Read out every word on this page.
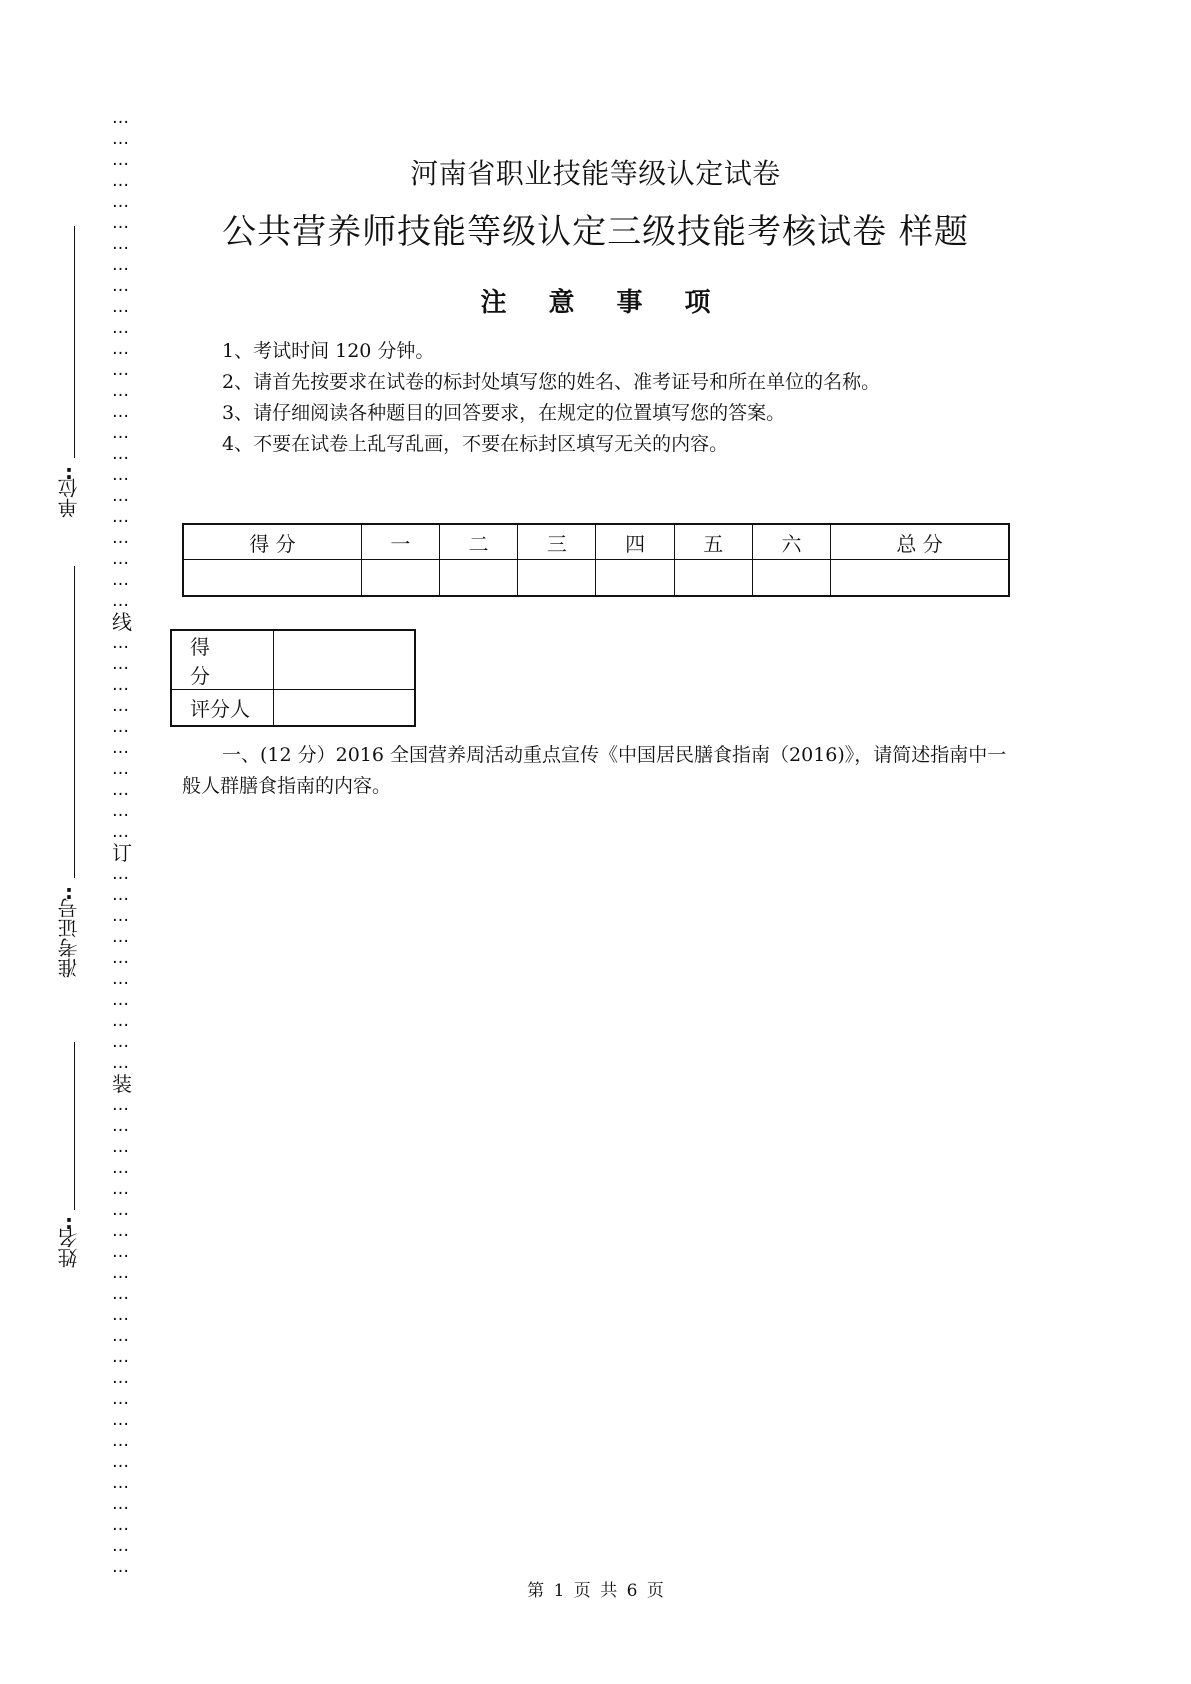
…
…
…
…
…
…
…
…
…
…
…
…
…
…
…
…
…
…
…
…
…
…
…
…
线
…
…
…
…
…
…
…
…
…
…
订
…
…
…
…
…
…
…
…
…
…
装
…
…
…
…
…
…
…
…
…
…
…
…
…
…
…
…
…
…
…
…
…
…
…
:
单位
:
准考证号
:
姓名
河南省职业技能等级认定试卷
公共营养师技能等级认定三级技能考核试卷 样题
注意事项
1、考试时间 120 分钟。
2、请首先按要求在试卷的标封处填写您的姓名、准考证号和所在单位的名称。
3、请仔细阅读各种题目的回答要求，在规定的位置填写您的答案。
4、不要在试卷上乱写乱画，不要在标封区填写无关的内容。
得 分	一	二	三	四	五	六	总 分

得 分	
评分人	
一、(12 分）2016 全国营养周活动重点宣传《中国居民膳食指南（2016)》，请简述指南中一般人群膳食指南的内容。
第 1 页 共 6 页
